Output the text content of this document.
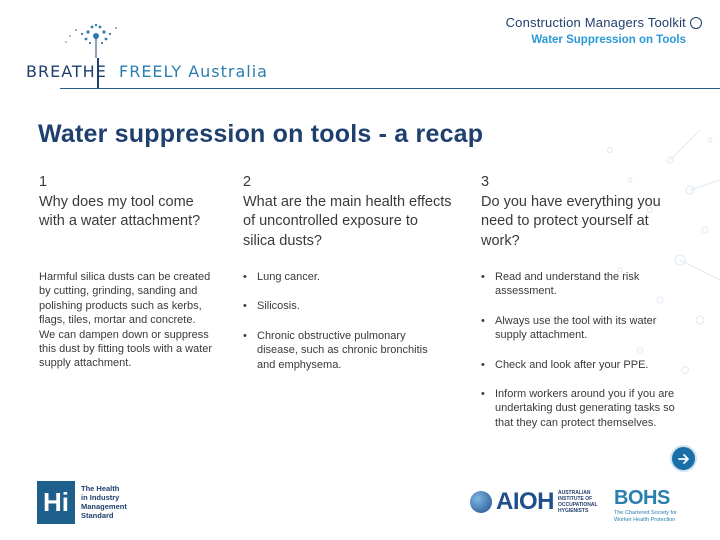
BREATHE FREELY Australia
Construction Managers Toolkit
Water Suppression on Tools
Water suppression on tools - a recap
1
Why does my tool come with a water attachment?
Harmful silica dusts can be created by cutting, grinding, sanding and polishing products such as kerbs, flags, tiles, mortar and concrete. We can dampen down or suppress this dust by fitting tools with a water supply attachment.
2
What are the main health effects of uncontrolled exposure to silica dusts?
• Lung cancer.
• Silicosis.
• Chronic obstructive pulmonary disease, such as chronic bronchitis and emphysema.
3
Do you have everything you need to protect yourself at work?
• Read and understand the risk assessment.
• Always use the tool with its water supply attachment.
• Check and look after your PPE.
• Inform workers around you if you are undertaking dust generating tasks so that they can protect themselves.
Hi	The Health
in Industry
Management
Standard
AIOH AUSTRALIAN
INSTITUTE OF
OCCUPATIONAL
HYGIENISTS
BOHS
The Chartered Society for
Worker Health Protection
